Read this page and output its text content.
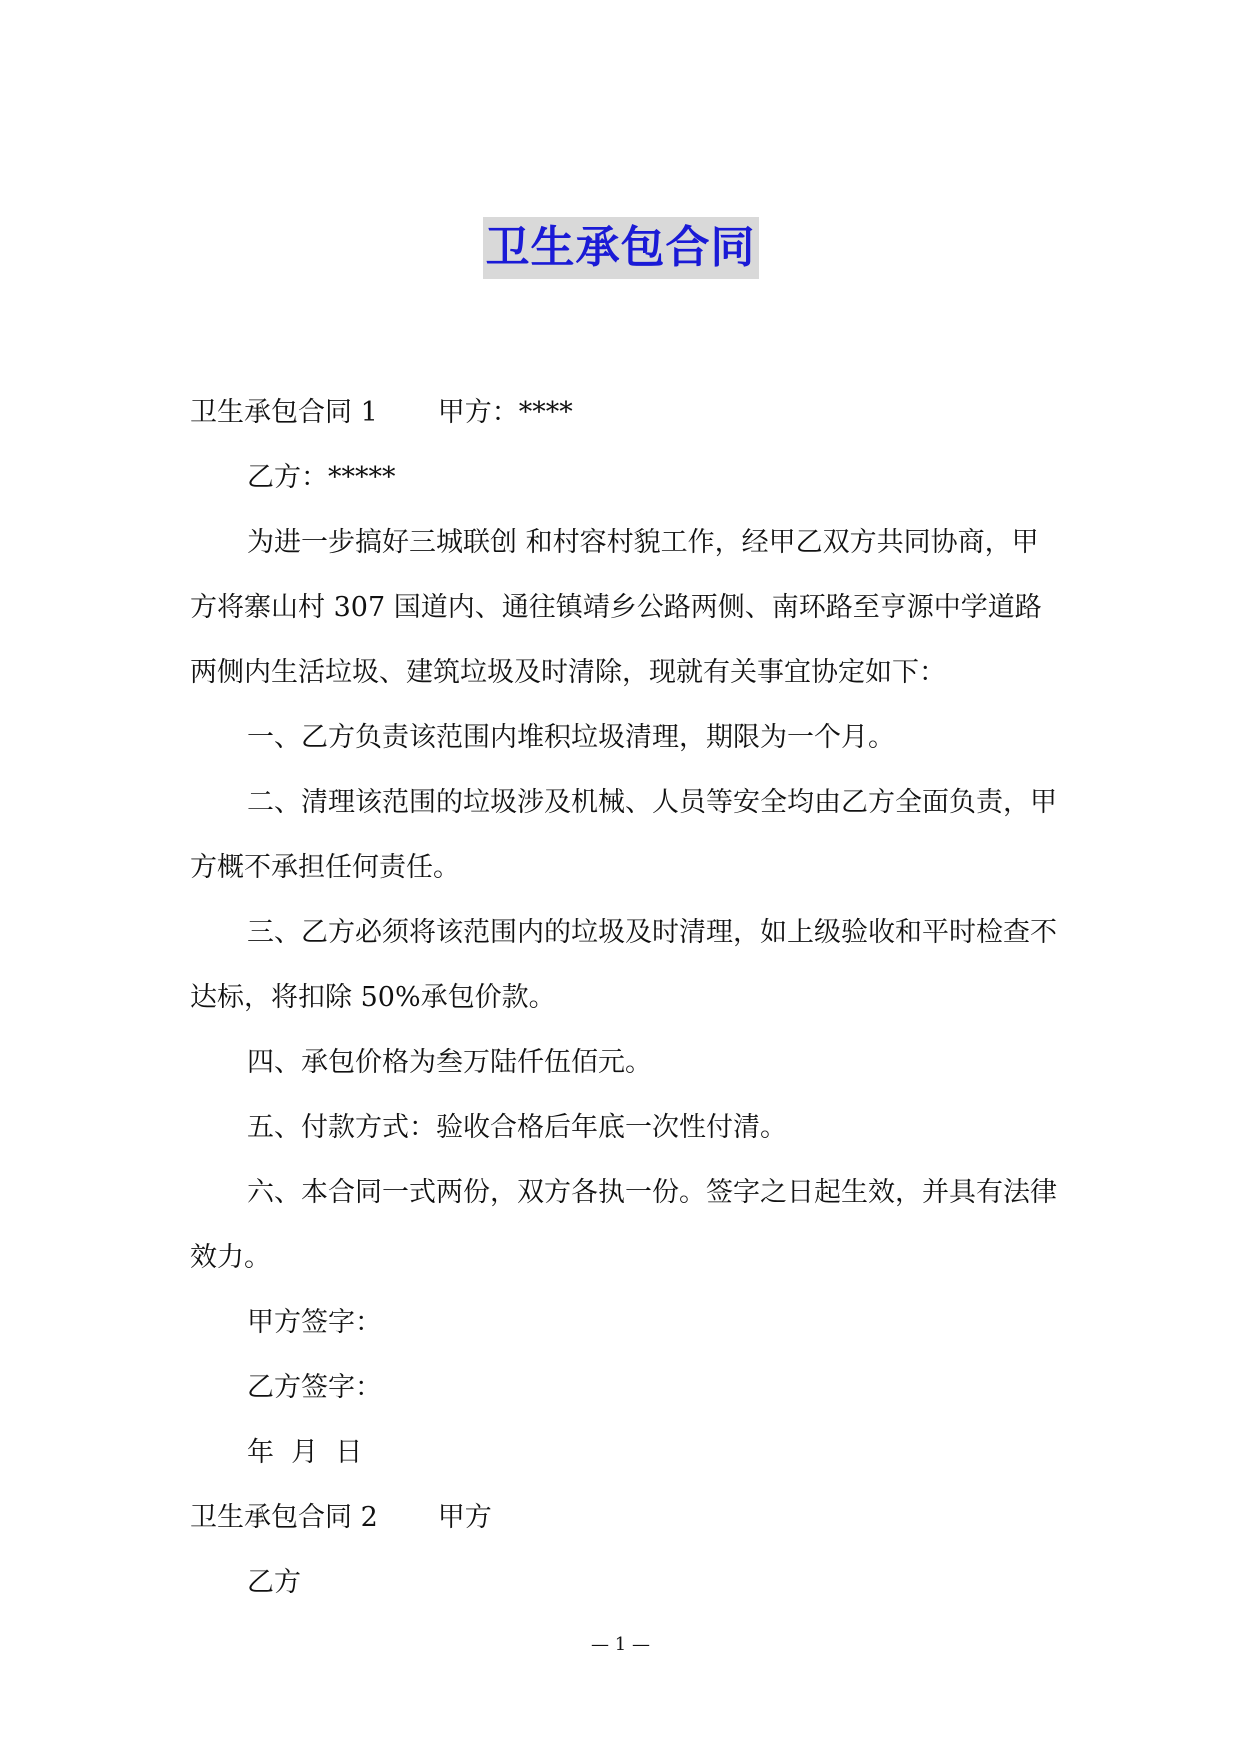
卫生承包合同

卫生承包合同 1 甲方：****

乙方：*****

为进一步搞好三城联创 和村容村貌工作，经甲乙双方共同协商，甲方将寨山村 307 国道内、通往镇靖乡公路两侧、南环路至亨源中学道路两侧内生活垃圾、建筑垃圾及时清除，现就有关事宜协定如下：

一、乙方负责该范围内堆积垃圾清理，期限为一个月。

二、清理该范围的垃圾涉及机械、人员等安全均由乙方全面负责，甲方概不承担任何责任。

三、乙方必须将该范围内的垃圾及时清理，如上级验收和平时检查不达标，将扣除 50%承包价款。

四、承包价格为叁万陆仟伍佰元。

五、付款方式：验收合格后年底一次性付清。

六、本合同一式两份，双方各执一份。签字之日起生效，并具有法律效力。

甲方签字：

乙方签字：

年  月  日

卫生承包合同 2 甲方

乙方

— 1 —
